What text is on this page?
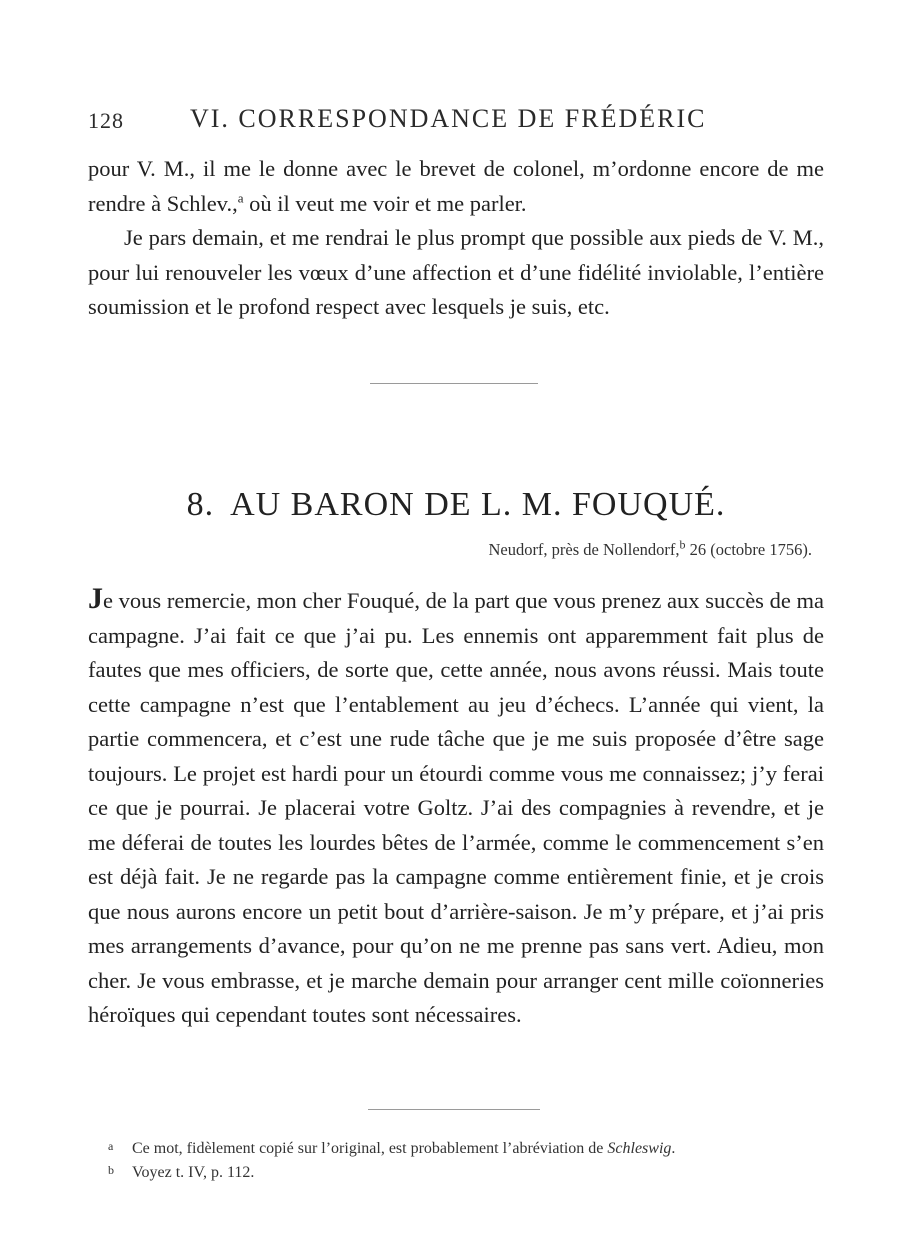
128	VI. CORRESPONDANCE DE FRÉDÉRIC

pour V. M., il me le donne avec le brevet de colonel, m’ordonne encore de me rendre à Schlev.,$^a$ où il veut me voir et me parler.

Je pars demain, et me rendrai le plus prompt que possible aux pieds de V. M., pour lui renouveler les vœux d’une affection et d’une fidélité inviolable, l’entière soumission et le profond respect avec lesquels je suis, etc.

8. AU BARON DE L. M. FOUQUÉ.
Neudorf, près de Nollendorf,$^b$ 26 (octobre 1756).

Je vous remercie, mon cher Fouqué, de la part que vous prenez aux succès de ma campagne. J’ai fait ce que j’ai pu. Les ennemis ont apparemment fait plus de fautes que mes officiers, de sorte que, cette année, nous avons réussi. Mais toute cette campagne n’est que l’entablement au jeu d’échecs. L’année qui vient, la partie commencera, et c’est une rude tâche que je me suis proposée d’être sage toujours. Le projet est hardi pour un étourdi comme vous me connaissez; j’y ferai ce que je pourrai. Je placerai votre Goltz. J’ai des compagnies à revendre, et je me déferai de toutes les lourdes bêtes de l’armée, comme le commencement s’en est déjà fait. Je ne regarde pas la campagne comme entièrement finie, et je crois que nous aurons encore un petit bout d’arrière-saison. Je m’y prépare, et j’ai pris mes arrangements d’avance, pour qu’on ne me prenne pas sans vert. Adieu, mon cher. Je vous embrasse, et je marche demain pour arranger cent mille coïonneries héroïques qui cependant toutes sont nécessaires.

a Ce mot, fidèlement copié sur l’original, est probablement l’abréviation de Schleswig.
b Voyez t. IV, p. 112.
